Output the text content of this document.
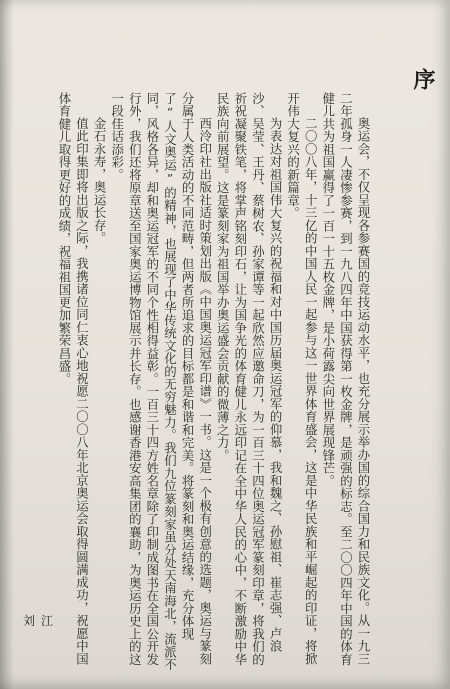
序

奥运会，不仅呈现各参赛国的竞技运动水平，也充分展示举办国的综合国力和民族文化。从一九三二年孤身一人凄惨参赛，到一九八四年中国获得第一枚金牌，是顽强的标志。至二〇〇四年中国的体育健儿共为祖国赢得了一百一十五枚金牌，是小荷露尖向世界展现锋芒。

二〇〇八年，十三亿的中国人民一起参与这一世界体育盛会，这是中华民族和平崛起的印证，将掀开伟大复兴的新篇章。

为表达对祖国伟大复兴的祝福和对中国历届奥运冠军的仰慕，我和魏之、孙慰祖、崔志强、卢浪沙、吴莹、王丹、蔡树农、孙家谭等一起欣然应邀命刀，为一百三十四位奥运冠军篆刻印章，将我们的祈祝凝聚铁笔，将掌声铭刻印石，让为国争光的体育健儿永远印记在全中华人民的心中，不断激励中华民族向前展望。这是篆刻家为祖国举办奥运盛会贡献的微薄之力。

西泠印社出版社适时策划出版《中国奥运冠军印谱》一书。这是一个极有创意的选题，奥运与篆刻分属于人类活动的不同范畴，但两者所追求的目标都是和谐和完美。将篆刻和奥运结缘，充分体现了“人文奥运”的精神，也展现了中华传统文化的无穷魅力。我们九位篆刻家虽分处天南海北，流派不同，风格各异，却和奥运冠军的不同个性相得益彰。一百三十四方姓名章除了印制成图书在全国公开发行外，我们还将原章送至国家奥运博物馆展示并长存。也感谢香港安高集团的襄助，为奥运历史上的这一段佳话添彩。

金石永寿，奥运长存。

值此印集即将出版之际，我携诸位同仁衷心地祝愿二〇〇八年北京奥运会取得圆满成功，祝愿中国体育健儿取得更好的成绩，祝福祖国更加繁荣昌盛。

刘江
